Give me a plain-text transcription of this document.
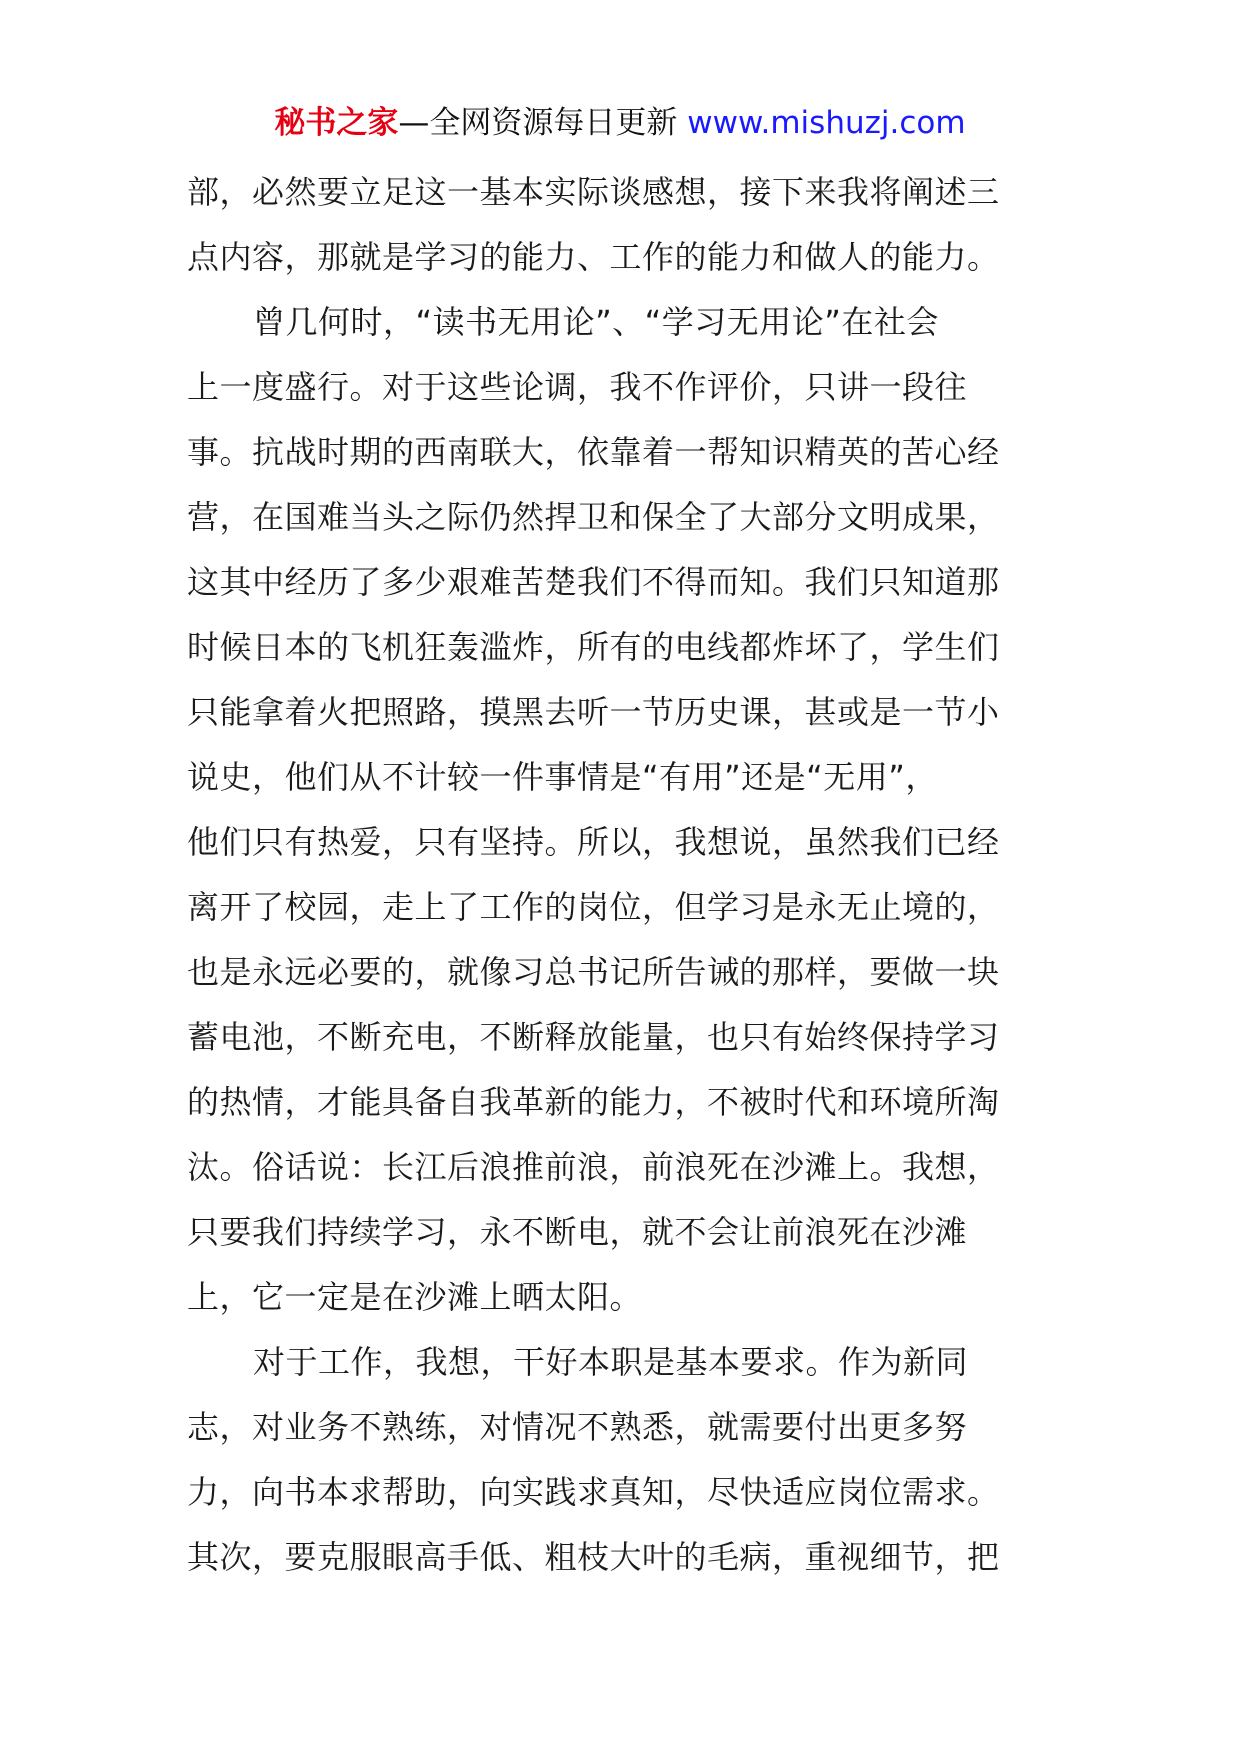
秘书之家—全网资源每日更新 www.mishuzj.com
部，必然要立足这一基本实际谈感想，接下来我将阐述三
点内容，那就是学习的能力、工作的能力和做人的能力。
曾几何时，“读书无用论”、“学习无用论”在社会
上一度盛行。对于这些论调，我不作评价，只讲一段往
事。抗战时期的西南联大，依靠着一帮知识精英的苦心经
营，在国难当头之际仍然捍卫和保全了大部分文明成果，
这其中经历了多少艰难苦楚我们不得而知。我们只知道那
时候日本的飞机狂轰滥炸，所有的电线都炸坏了，学生们
只能拿着火把照路，摸黑去听一节历史课，甚或是一节小
说史，他们从不计较一件事情是“有用”还是“无用”，
他们只有热爱，只有坚持。所以，我想说，虽然我们已经
离开了校园，走上了工作的岗位，但学习是永无止境的，
也是永远必要的，就像习总书记所告诫的那样，要做一块
蓄电池，不断充电，不断释放能量，也只有始终保持学习
的热情，才能具备自我革新的能力，不被时代和环境所淘
汰。俗话说：长江后浪推前浪，前浪死在沙滩上。我想，
只要我们持续学习，永不断电，就不会让前浪死在沙滩
上，它一定是在沙滩上晒太阳。
对于工作，我想，干好本职是基本要求。作为新同
志，对业务不熟练，对情况不熟悉，就需要付出更多努
力，向书本求帮助，向实践求真知，尽快适应岗位需求。
其次，要克服眼高手低、粗枝大叶的毛病，重视细节，把
